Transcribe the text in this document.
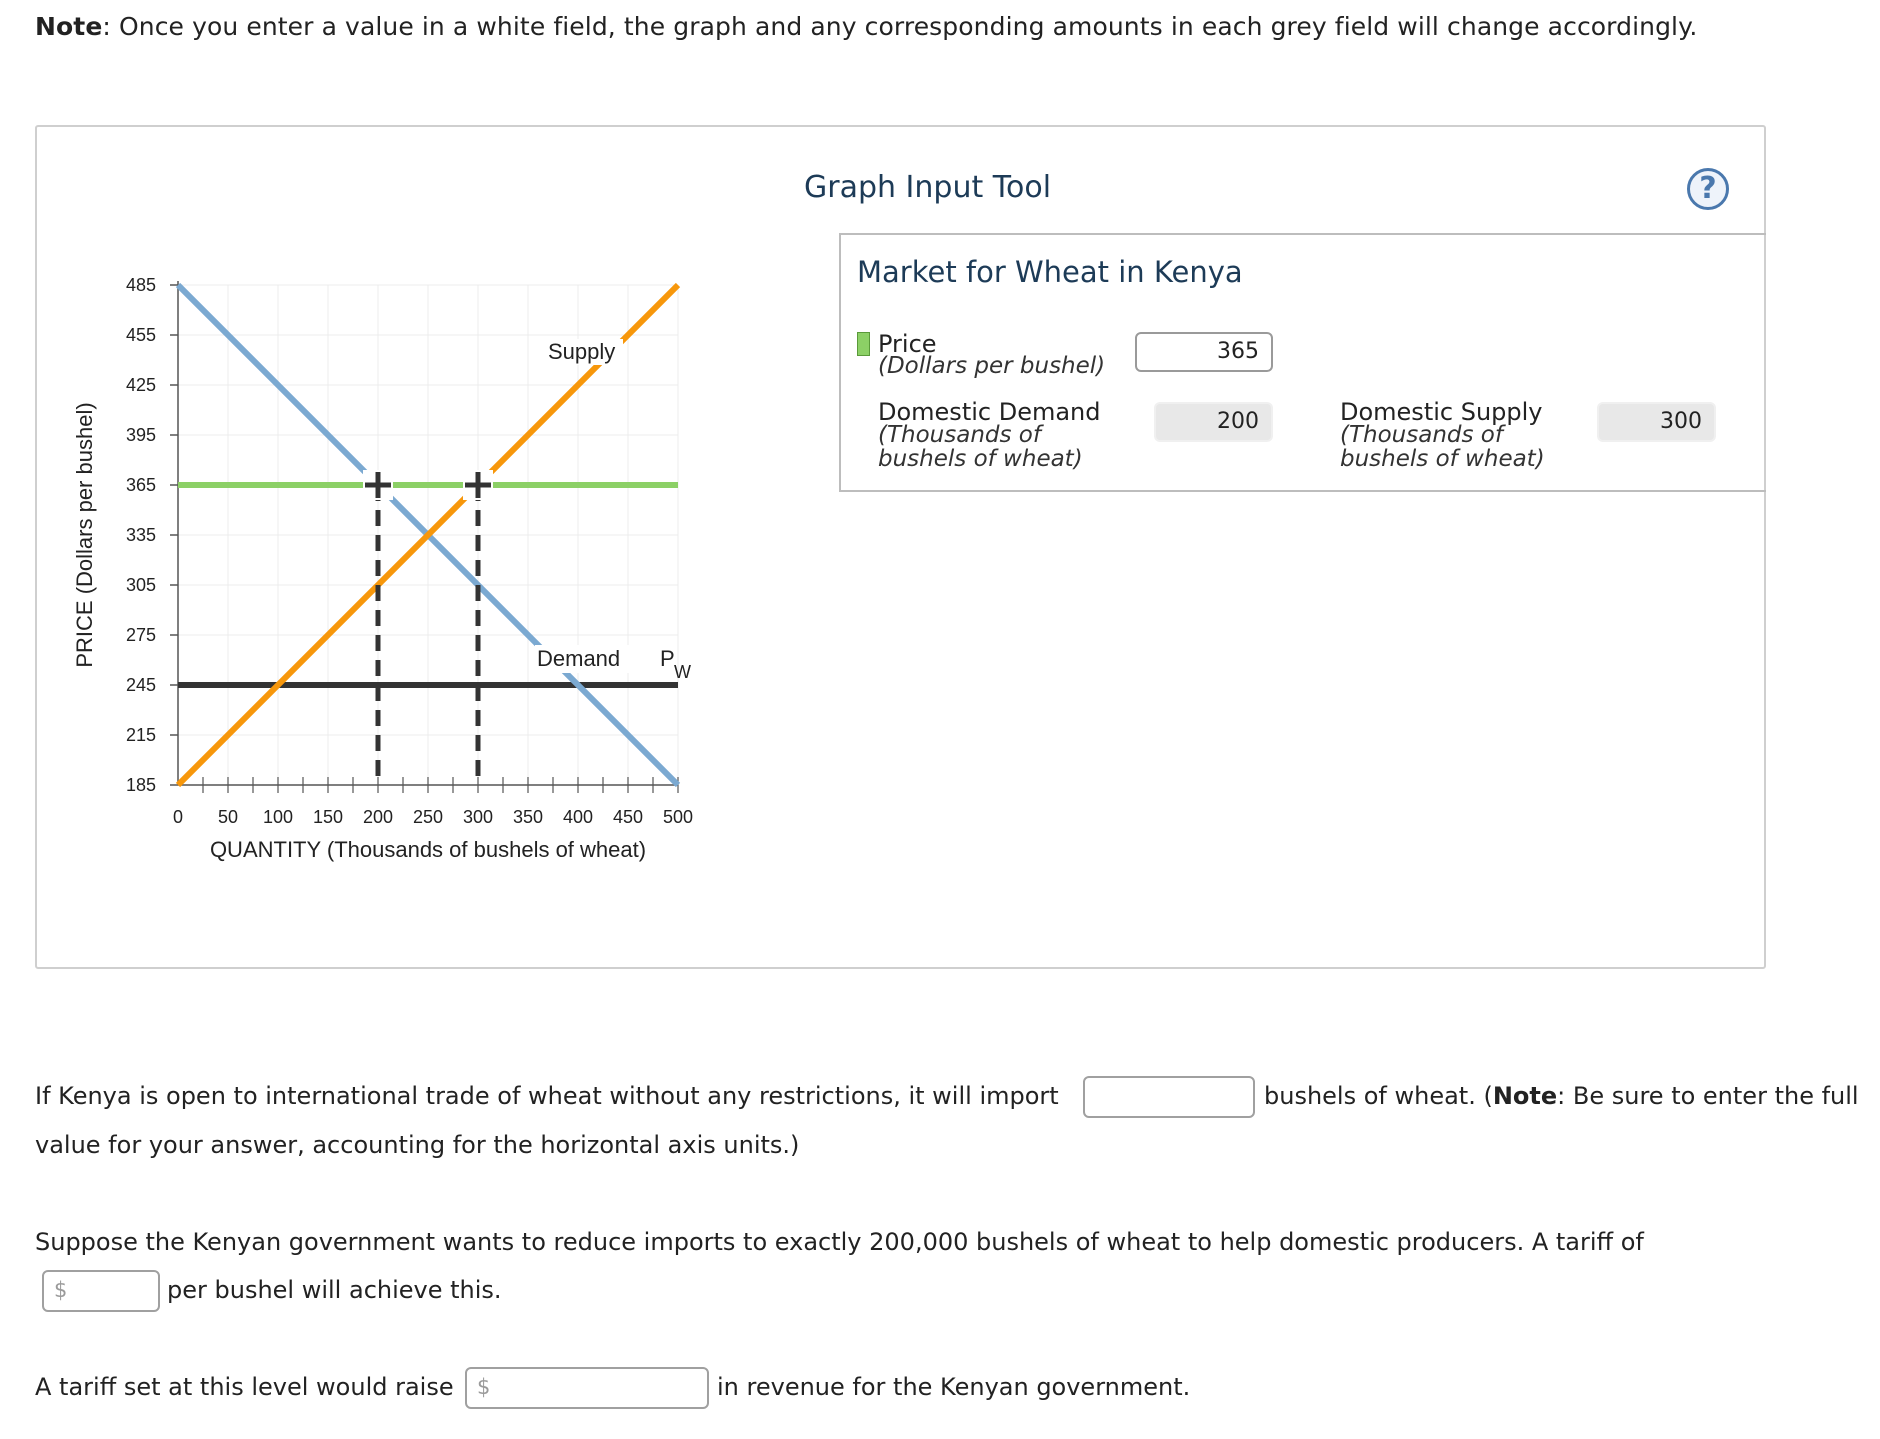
Note: Once you enter a value in a white field, the graph and any corresponding amounts in each grey field will change accordingly.
485
455
425
395
365
335
305
275
245
215
185
0 50 100 150 200 250 300 350 400 450 500
QUANTITY (Thousands of bushels of wheat)
PRICE (Dollars per bushel)
Supply
Demand P
W
Graph Input Tool	?
Market for Wheat in Kenya
Price
(Dollars per bushel)
365
Domestic Demand
(Thousands of
bushels of wheat)
200	Domestic Supply
(Thousands of
bushels of wheat)
300
If Kenya is open to international trade of wheat without any restrictions, it will import	bushels of wheat. (Note: Be sure to enter the full
value for your answer, accounting for the horizontal axis units.)
Suppose the Kenyan government wants to reduce imports to exactly 200,000 bushels of wheat to help domestic producers. A tariff of
$	per bushel will achieve this.
A tariff set at this level would raise $	in revenue for the Kenyan government.
